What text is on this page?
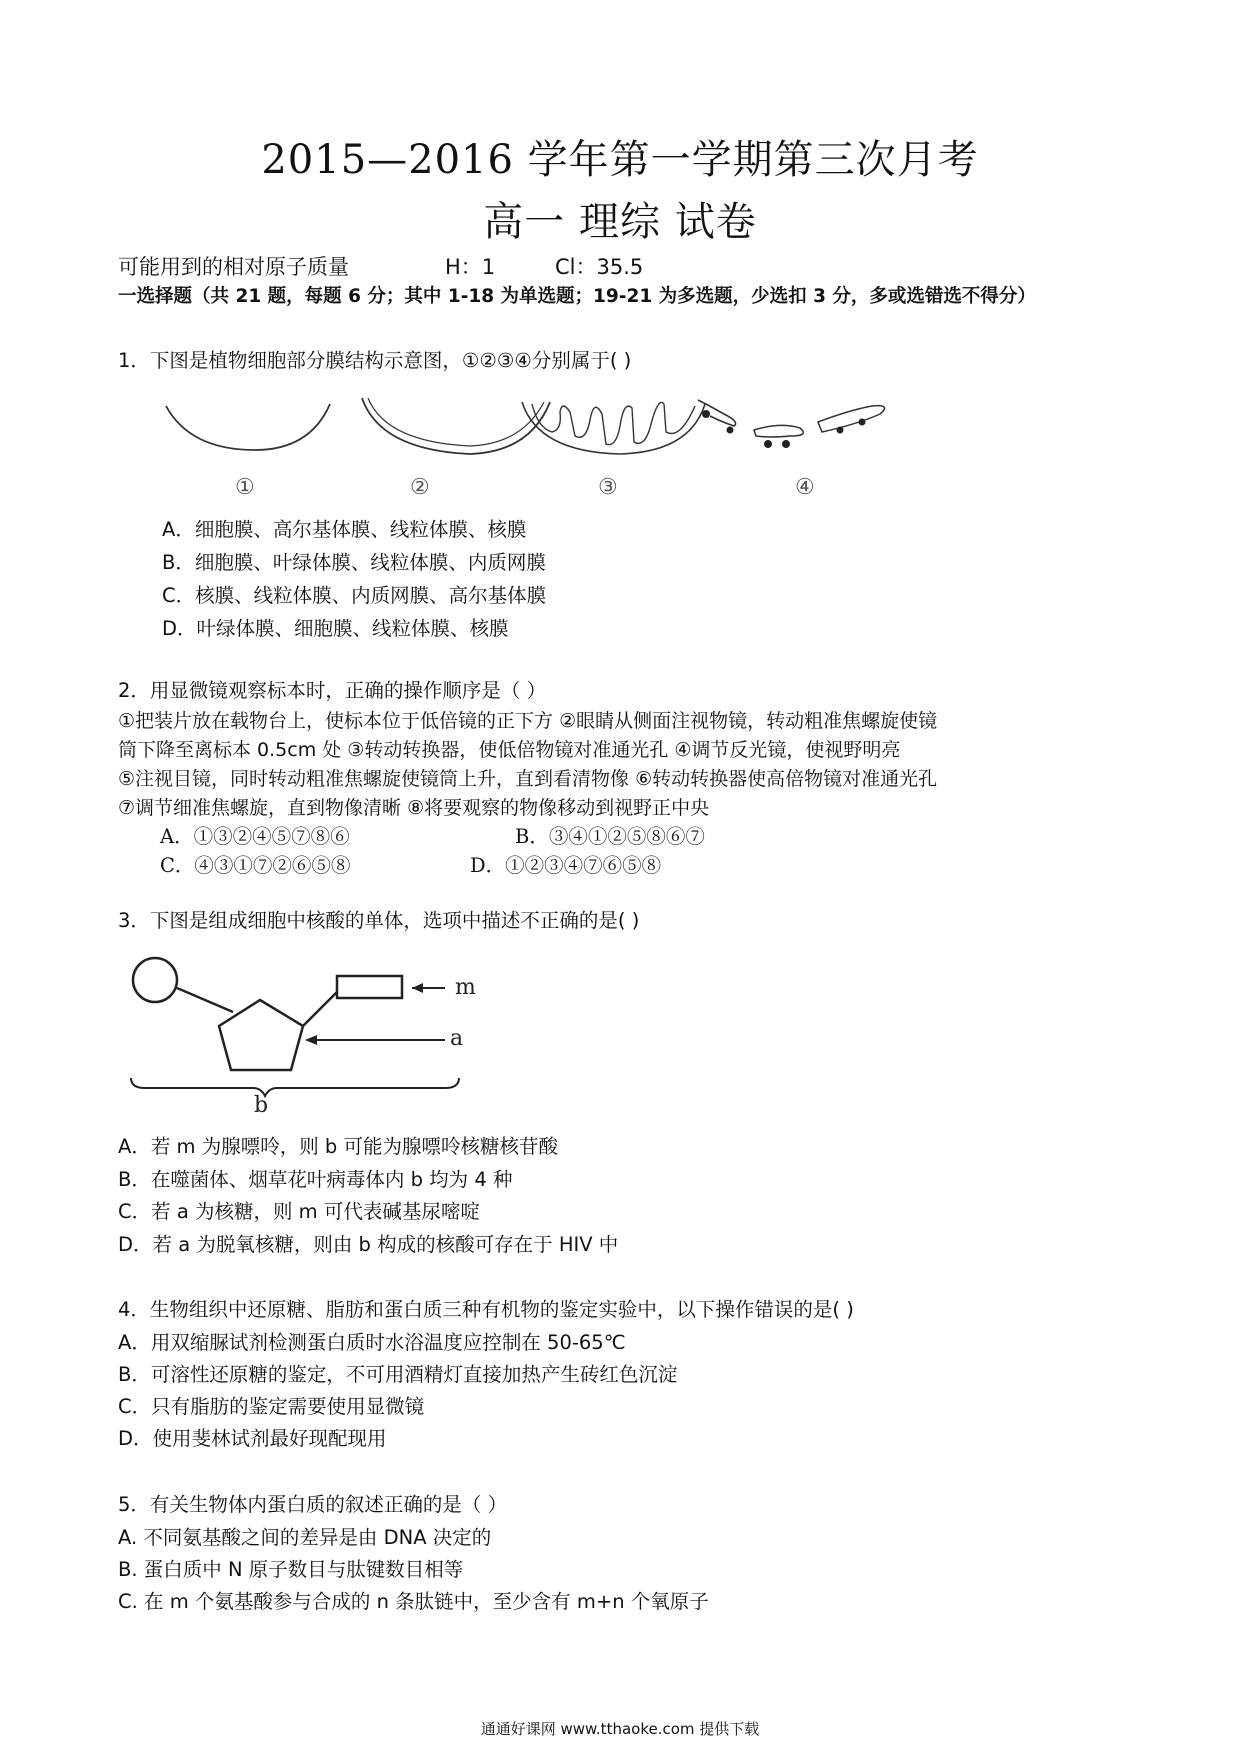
2015—2016 学年第一学期第三次月考
高一 理综 试卷
可能用到的相对原子质量	H：1	Cl：35.5
一选择题（共 21 题，每题 6 分；其中 1-18 为单选题；19-21 为多选题，少选扣 3 分，多或选错选不得分）
1．下图是植物细胞部分膜结构示意图，①②③④分别属于( )
①	②	③	④
A．细胞膜、高尔基体膜、线粒体膜、核膜
B．细胞膜、叶绿体膜、线粒体膜、内质网膜
C．核膜、线粒体膜、内质网膜、高尔基体膜
D．叶绿体膜、细胞膜、线粒体膜、核膜
2．用显微镜观察标本时，正确的操作顺序是（ ）
①把装片放在载物台上，使标本位于低倍镜的正下方 ②眼睛从侧面注视物镜，转动粗准焦螺旋使镜
筒下降至离标本 0.5cm 处 ③转动转换器，使低倍物镜对准通光孔 ④调节反光镜，使视野明亮
⑤注视目镜，同时转动粗准焦螺旋使镜筒上升，直到看清物像 ⑥转动转换器使高倍物镜对准通光孔
⑦调节细准焦螺旋，直到物像清晰 ⑧将要观察的物像移动到视野正中央
A．①③②④⑤⑦⑧⑥	B．③④①②⑤⑧⑥⑦
C．④③①⑦②⑥⑤⑧	D．①②③④⑦⑥⑤⑧
3．下图是组成细胞中核酸的单体，选项中描述不正确的是( )
m
a
b
A．若 m 为腺嘌呤，则 b 可能为腺嘌呤核糖核苷酸
B．在噬菌体、烟草花叶病毒体内 b 均为 4 种
C．若 a 为核糖，则 m 可代表碱基尿嘧啶
D．若 a 为脱氧核糖，则由 b 构成的核酸可存在于 HIV 中
4．生物组织中还原糖、脂肪和蛋白质三种有机物的鉴定实验中，以下操作错误的是( )
A．用双缩脲试剂检测蛋白质时水浴温度应控制在 50-65℃
B．可溶性还原糖的鉴定，不可用酒精灯直接加热产生砖红色沉淀
C．只有脂肪的鉴定需要使用显微镜
D．使用斐林试剂最好现配现用
5．有关生物体内蛋白质的叙述正确的是（ ）
A. 不同氨基酸之间的差异是由 DNA 决定的
B. 蛋白质中 N 原子数目与肽键数目相等
C. 在 m 个氨基酸参与合成的 n 条肽链中，至少含有 m+n 个氧原子
通通好课网 www.tthaoke.com 提供下载
